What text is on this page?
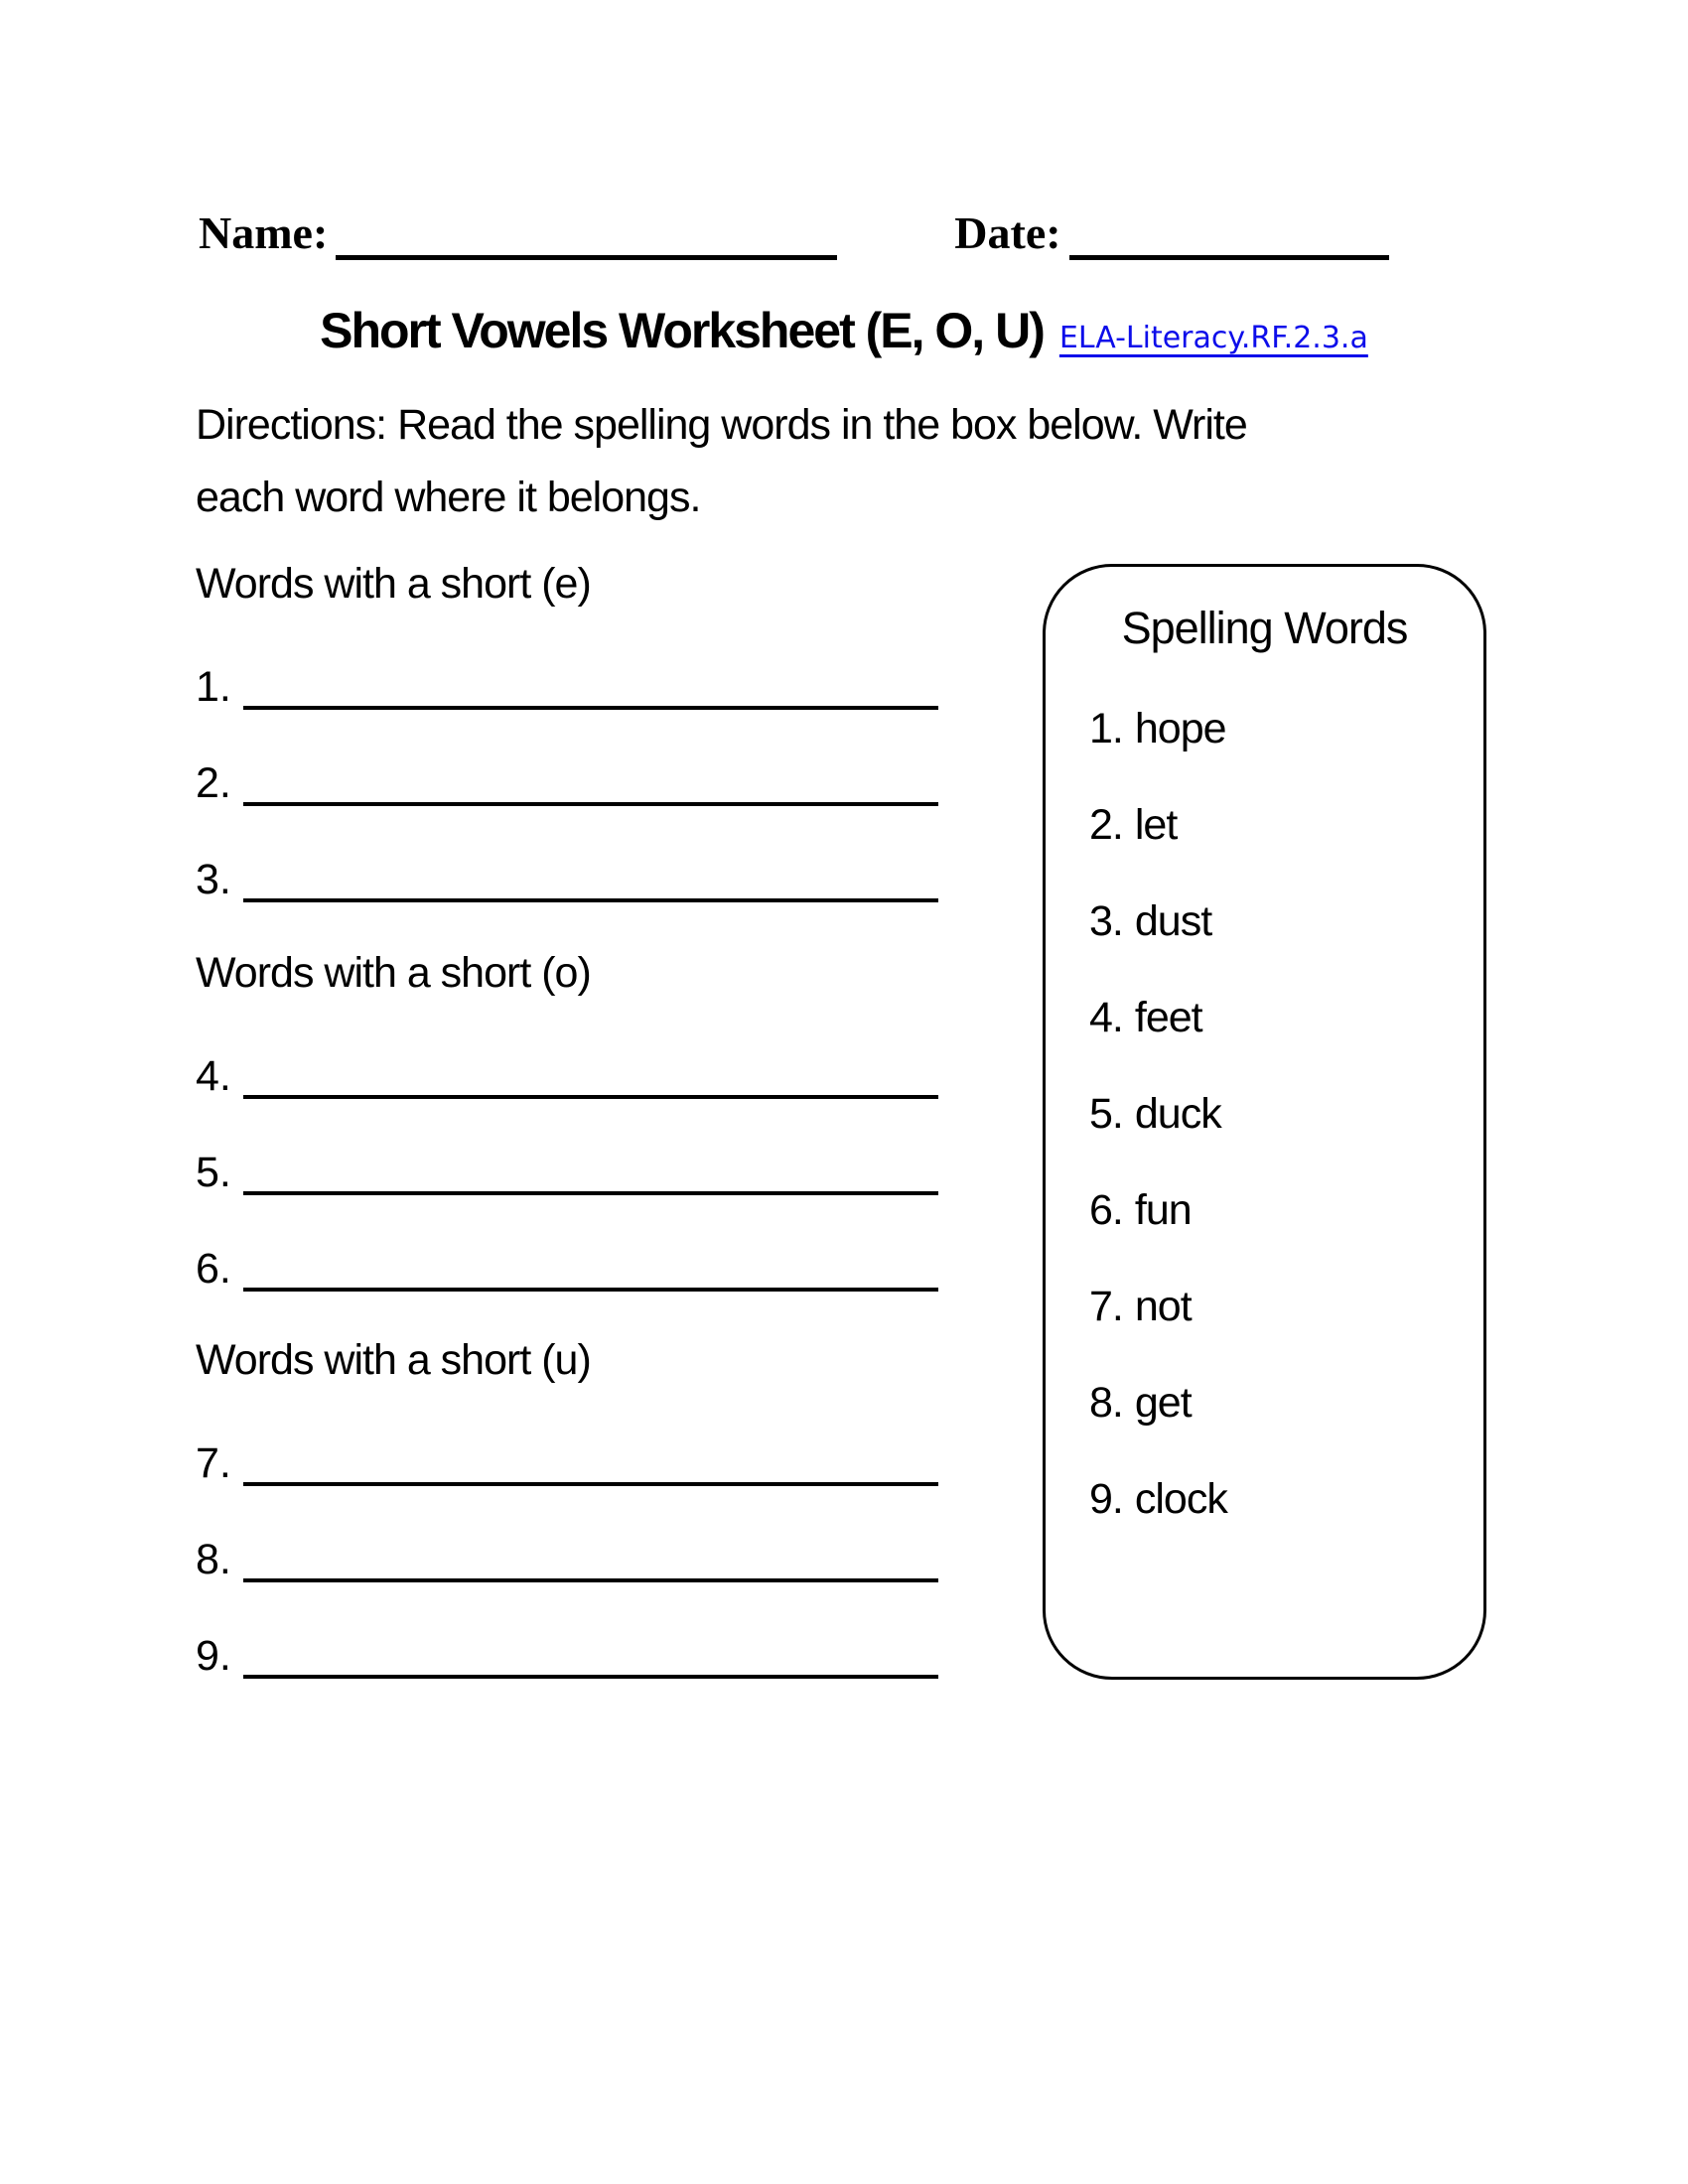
Name:	Date:
Short Vowels Worksheet (E, O, U) ELA-Literacy.RF.2.3.a
Directions: Read the spelling words in the box below. Write
each word where it belongs.
Words with a short (e)
1.
2.
3.
Words with a short (o)
4.
5.
6.
Words with a short (u)
7.
8.
9.
Spelling Words
1. hope
2. let
3. dust
4. feet
5. duck
6. fun
7. not
8. get
9. clock
